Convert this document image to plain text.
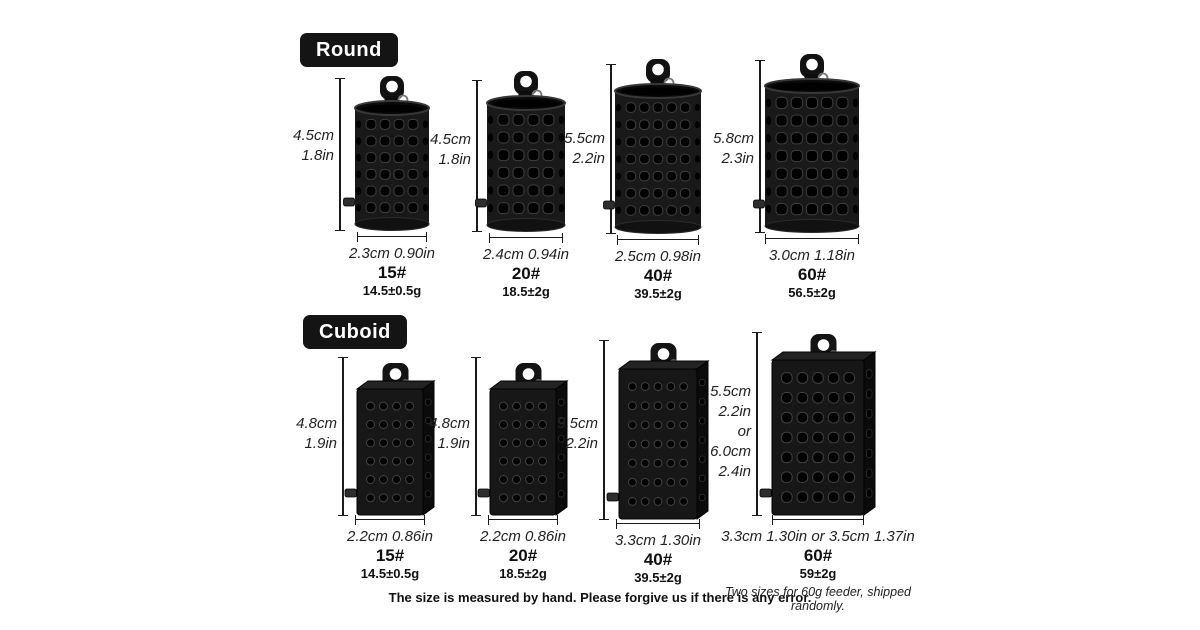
The size is measured by hand. Please forgive us if there is any error.
Round
4.5cm
1.8in
2.3cm 0.90in
15#
14.5±0.5g
4.5cm
1.8in
2.4cm 0.94in
20#
18.5±2g
5.5cm
2.2in
2.5cm 0.98in
40#
39.5±2g
5.8cm
2.3in
3.0cm 1.18in
60#
56.5±2g
Cuboid
4.8cm
1.9in
2.2cm 0.86in
15#
14.5±0.5g
4.8cm
1.9in
2.2cm 0.86in
20#
18.5±2g
5.5cm
2.2in
3.3cm 1.30in
40#
39.5±2g
5.5cm
2.2in
or
6.0cm
2.4in
3.3cm 1.30in or 3.5cm 1.37in
60#
59±2g
Two sizes for 60g feeder, shipped randomly.
